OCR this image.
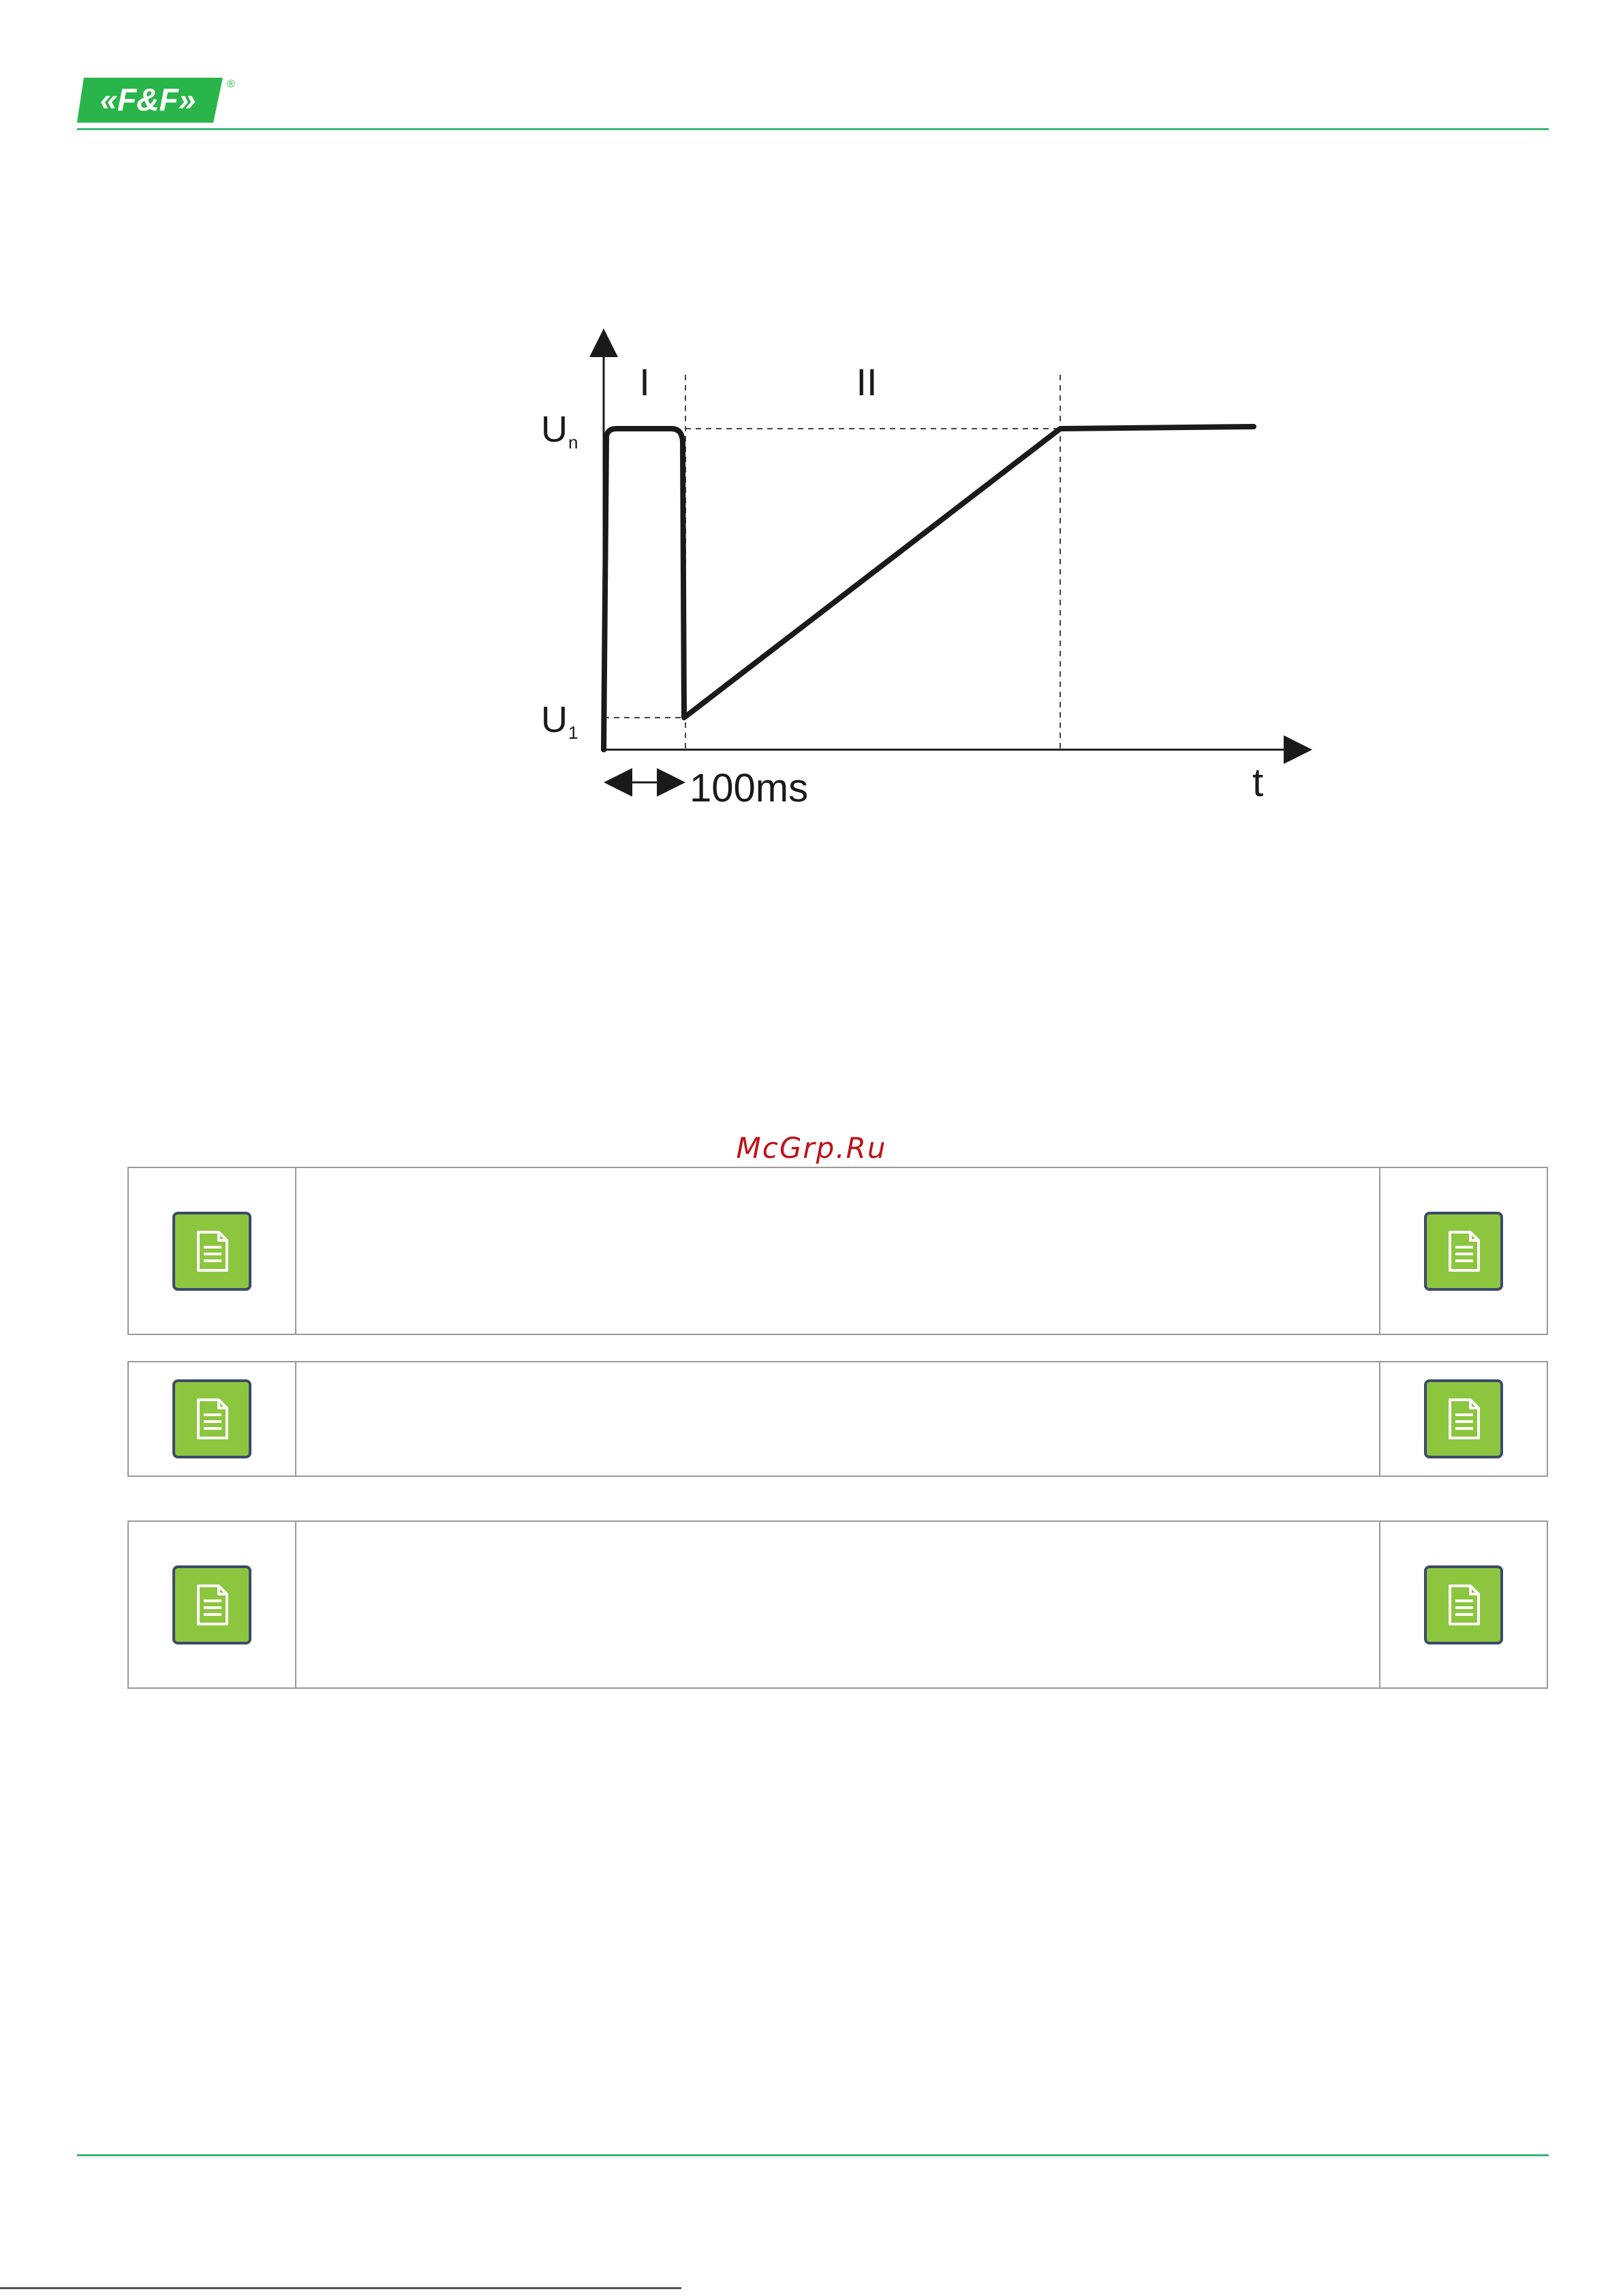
«F&F»	®
I	II
U n
U 1
100ms	t
McGrp.Ru
